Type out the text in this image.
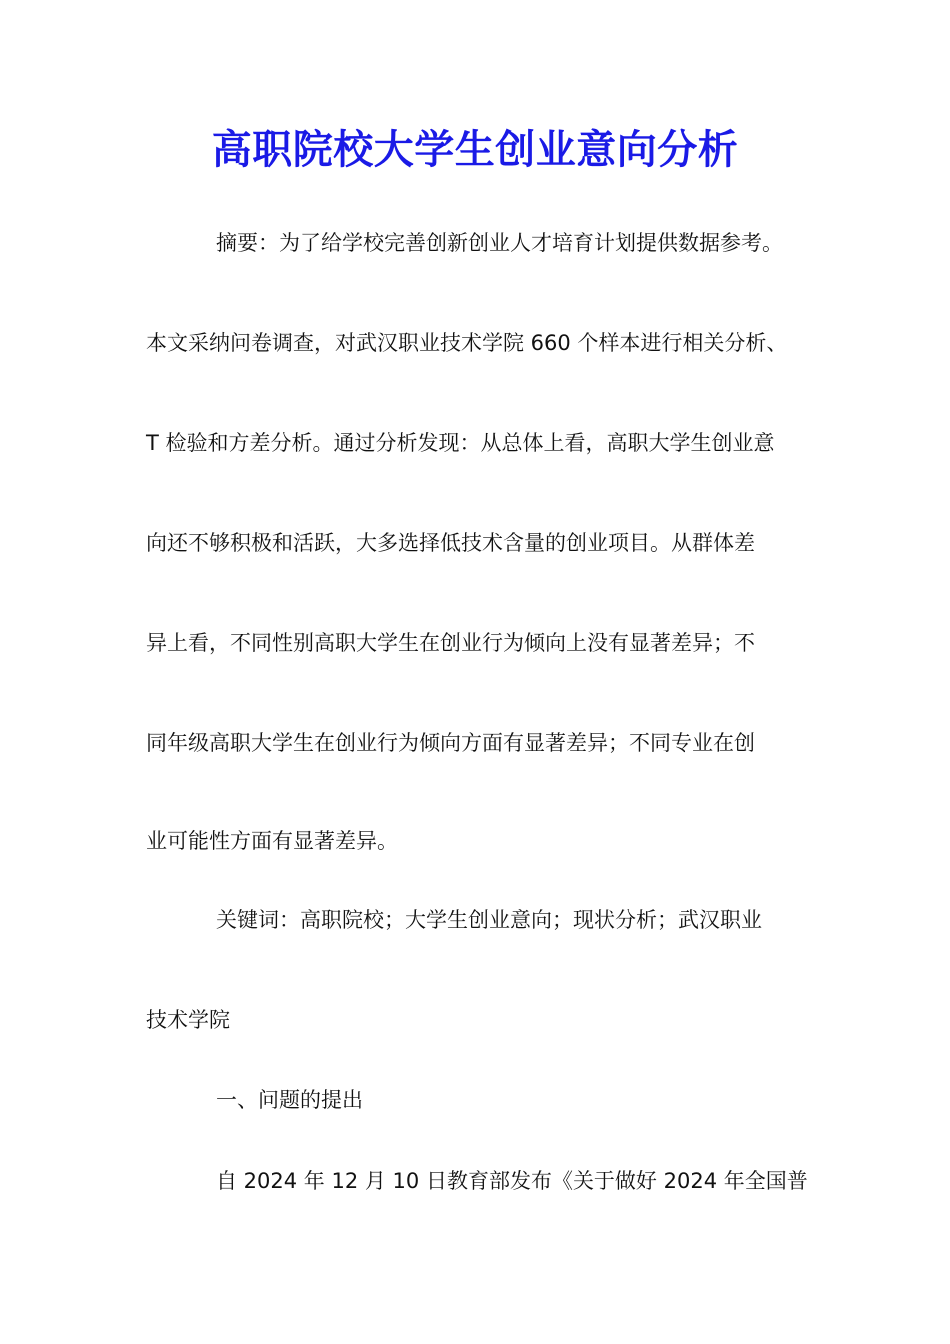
高职院校大学生创业意向分析
摘要：为了给学校完善创新创业人才培育计划提供数据参考。
本文采纳问卷调查，对武汉职业技术学院 660 个样本进行相关分析、
T 检验和方差分析。通过分析发现：从总体上看，高职大学生创业意
向还不够积极和活跃，大多选择低技术含量的创业项目。从群体差
异上看，不同性别高职大学生在创业行为倾向上没有显著差异；不
同年级高职大学生在创业行为倾向方面有显著差异；不同专业在创
业可能性方面有显著差异。
关键词：高职院校；大学生创业意向；现状分析；武汉职业
技术学院
一、问题的提出
自 2024 年 12 月 10 日教育部发布《关于做好 2024 年全国普
